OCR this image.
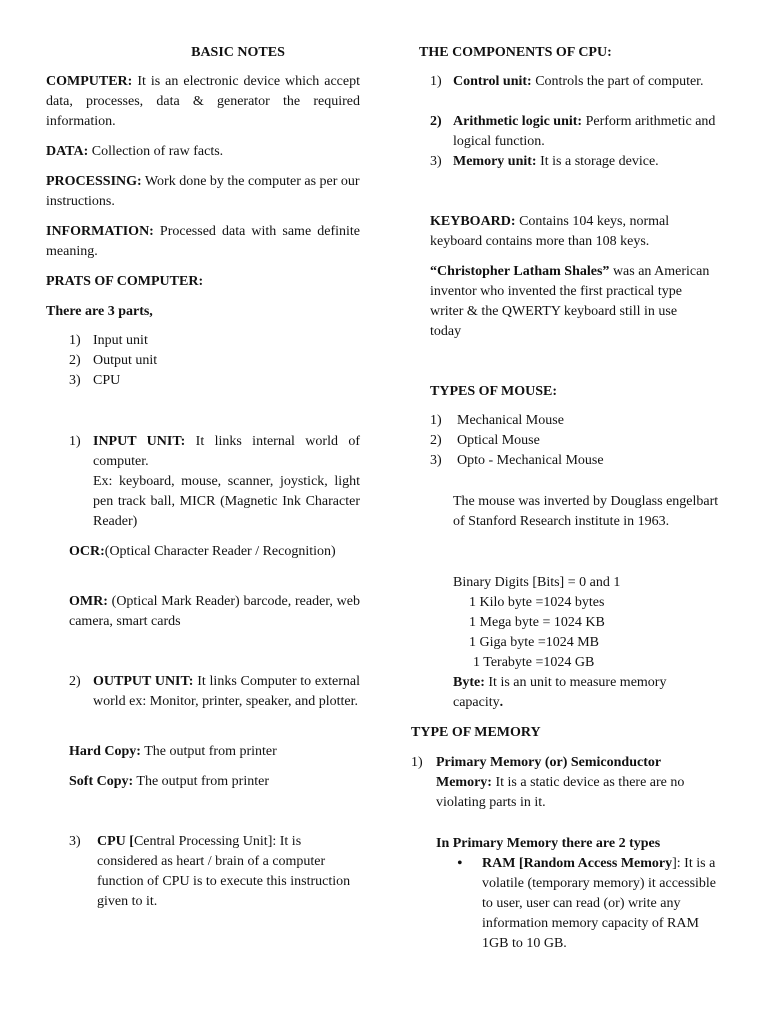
BASIC NOTES

COMPUTER: It is an electronic device which accept data, processes, data & generator the required information.

DATA: Collection of raw facts.

PROCESSING: Work done by the computer as per our instructions.

INFORMATION: Processed data with same definite meaning.

PRATS OF COMPUTER:

There are 3 parts,

1) Input unit
2) Output unit
3) CPU
1) INPUT UNIT: It links internal world of computer.
Ex: keyboard, mouse, scanner, joystick, light pen track ball, MICR (Magnetic Ink Character Reader)

OCR:(Optical Character Reader / Recognition)

OMR: (Optical Mark Reader) barcode, reader, web camera, smart cards

2) OUTPUT UNIT: It links Computer to external world ex: Monitor, printer, speaker, and plotter.

Hard Copy: The output from printer

Soft Copy: The output from printer

3) CPU [Central Processing Unit]: It is considered as heart / brain of a computer function of CPU is to execute this instruction given to it.

THE COMPONENTS OF CPU:

1) Control unit: Controls the part of computer.

2) Arithmetic logic unit: Perform arithmetic and logical function.

3) Memory unit: It is a storage device.

KEYBOARD: Contains 104 keys, normal keyboard contains more than 108 keys.

“Christopher Latham Shales” was an American inventor who invented the first practical type writer & the QWERTY keyboard still in use today

TYPES OF MOUSE:

1) Mechanical Mouse
2) Optical Mouse
3) Opto - Mechanical Mouse

The mouse was inverted by Douglass engelbart of Stanford Research institute in 1963.

Binary Digits [Bits] = 0 and 1

1 Kilo byte =1024 bytes

1 Mega byte = 1024 KB

1 Giga byte =1024 MB

1 Terabyte =1024 GB

Byte: It is an unit to measure memory capacity.

TYPE OF MEMORY

1) Primary Memory (or) Semiconductor Memory: It is a static device as there are no violating parts in it.

In Primary Memory there are 2 types

• RAM [Random Access Memory]: It is a volatile (temporary memory) it accessible to user, user can read (or) write any information memory capacity of RAM 1GB to 10 GB.
